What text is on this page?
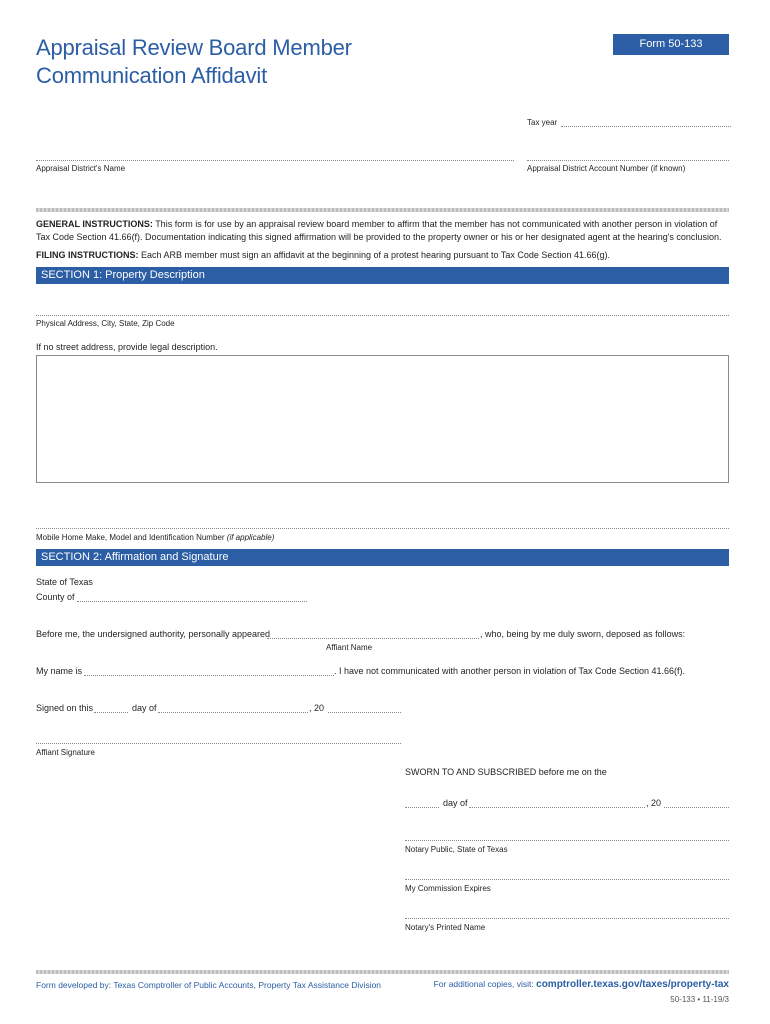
Appraisal Review Board Member
Communication Affidavit
Form 50-133
Tax year
Appraisal District's Name	Appraisal District Account Number (if known)
GENERAL INSTRUCTIONS: This form is for use by an appraisal review board member to affirm that the member has not communicated with another person in violation of Tax Code Section 41.66(f). Documentation indicating this signed affirmation will be provided to the property owner or his or her designated agent at the hearing's conclusion.
FILING INSTRUCTIONS: Each ARB member must sign an affidavit at the beginning of a protest hearing pursuant to Tax Code Section 41.66(g).
SECTION 1: Property Description
Physical Address, City, State, Zip Code
If no street address, provide legal description.
Mobile Home Make, Model and Identification Number (if applicable)
SECTION 2: Affirmation and Signature
State of Texas
County of
Before me, the undersigned authority, personally appeared	, who, being by me duly sworn, deposed as follows:
Affiant Name
My name is	. I have not communicated with another person in violation of Tax Code Section 41.66(f).
Signed on this	day of	, 20
Affiant Signature
SWORN TO AND SUBSCRIBED before me on the
day of	, 20
Notary Public, State of Texas
My Commission Expires
Notary's Printed Name
Form developed by: Texas Comptroller of Public Accounts, Property Tax Assistance Division	For additional copies, visit: comptroller.texas.gov/taxes/property-tax
50-133 • 11-19/3
